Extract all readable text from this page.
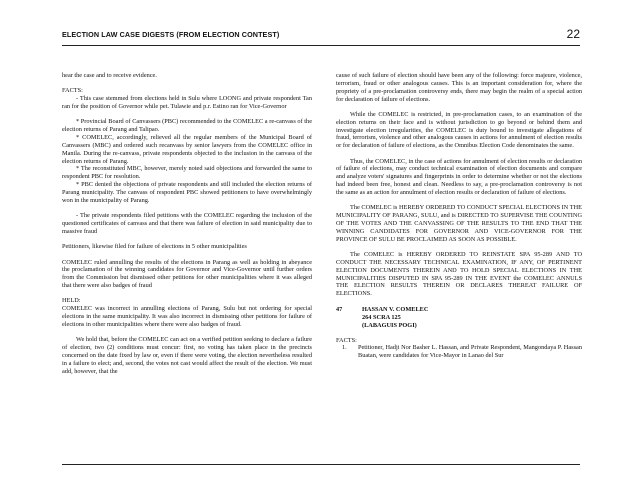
ELECTION LAW CASE DIGESTS (FROM ELECTION CONTEST)	22

hear the case and to receive evidence.

FACTS:

- This case stemmed from elections held in Sulu where LOONG and private respondent Tan ran for the position of Governor while pet. Tulawie and p.r. Estino ran for Vice-Governor

* Provincial Board of Canvassers (PBC) recommended to the COMELEC a re-canvass of the election returns of Parang and Talipao.

* COMELEC, accordingly, relieved all the regular members of the Municipal Board of Canvassers (MBC) and ordered such recanvass by senior lawyers from the COMELEC office in Manila. During the re-canvass, private respondents objected to the inclusion in the canvass of the election returns of Parang.

* The reconstituted MBC, however, merely noted said objections and forwarded the same to respondent PBC for resolution.

* PBC denied the objections of private respondents and still included the election returns of Parang municipality. The canvass of respondent PBC showed petitioners to have overwhelmingly won in the municipality of Parang.

- The private respondents filed petitions with the COMELEC regarding the inclusion of the questioned certificates of canvass and that there was failure of election in said municipality due to massive fraud

Petitioners, likewise filed for failure of elections in 5 other municipalities

COMELEC ruled annulling the results of the elections in Parang as well as holding in abeyance the proclamation of the winning candidates for Governor and Vice-Governor until further orders from the Commission but dismissed other petitions for other municipalities where it was alleged that there were also badges of fraud

HELD:

COMELEC was incorrect in annulling elections of Parang, Sulu but not ordering for special elections in the same municipality. It was also incorrect in dismissing other petitions for failure of elections in other municipalities where there were also badges of fraud.

We hold that, before the COMELEC can act on a verified petition seeking to declare a failure of election, two (2) conditions must concur: first, no voting has taken place in the precincts concerned on the date fixed by law or, even if there were voting, the election nevertheless resulted in a failure to elect; and, second, the votes not cast would affect the result of the election. We must add, however, that the

cause of such failure of election should have been any of the following: force majeure, violence, terrorism, fraud or other analogous causes. This is an important consideration for, where the propriety of a pre-proclamation controversy ends, there may begin the realm of a special action for declaration of failure of elections.

While the COMELEC is restricted, in pre-proclamation cases, to an examination of the election returns on their face and is without jurisdiction to go beyond or behind them and investigate election irregularities, the COMELEC is duty bound to investigate allegations of fraud, terrorism, violence and other analogous causes in actions for annulment of election results or for declaration of failure of elections, as the Omnibus Election Code denominates the same.

Thus, the COMELEC, in the case of actions for annulment of election results or declaration of failure of elections, may conduct technical examination of election documents and compare and analyze voters' signatures and fingerprints in order to determine whether or not the elections had indeed been free, honest and clean. Needless to say, a pre-proclamation controversy is not the same as an action for annulment of election results or declaration of failure of elections.

The COMELEC is HEREBY ORDERED TO CONDUCT SPECIAL ELECTIONS IN THE MUNICIPALITY OF PARANG, SULU, and is DIRECTED TO SUPERVISE THE COUNTING OF THE VOTES AND THE CANVASSING OF THE RESULTS TO THE END THAT THE WINNING CANDIDATES FOR GOVERNOR AND VICE-GOVERNOR FOR THE PROVINCE OF SULU BE PROCLAIMED AS SOON AS POSSIBLE.

The COMELEC is HEREBY ORDERED TO REINSTATE SPA 95-289 AND TO CONDUCT THE NECESSARY TECHNICAL EXAMINATION, IF ANY, OF PERTINENT ELECTION DOCUMENTS THEREIN AND TO HOLD SPECIAL ELECTIONS IN THE MUNICIPALITIES DISPUTED IN SPA 95-289 IN THE EVENT the COMELEC ANNULS THE ELECTION RESULTS THEREIN OR DECLARES THEREAT FAILURE OF ELECTIONS.

47	HASSAN V. COMELEC
264 SCRA 125
(LABAGUIS POGI)

FACTS:

1.	Petitioner, Hadji Nor Basher L. Hassan, and Private Respondent, Mangondaya P. Hassan Buatan, were candidates for Vice-Mayor in Lanao del Sur
